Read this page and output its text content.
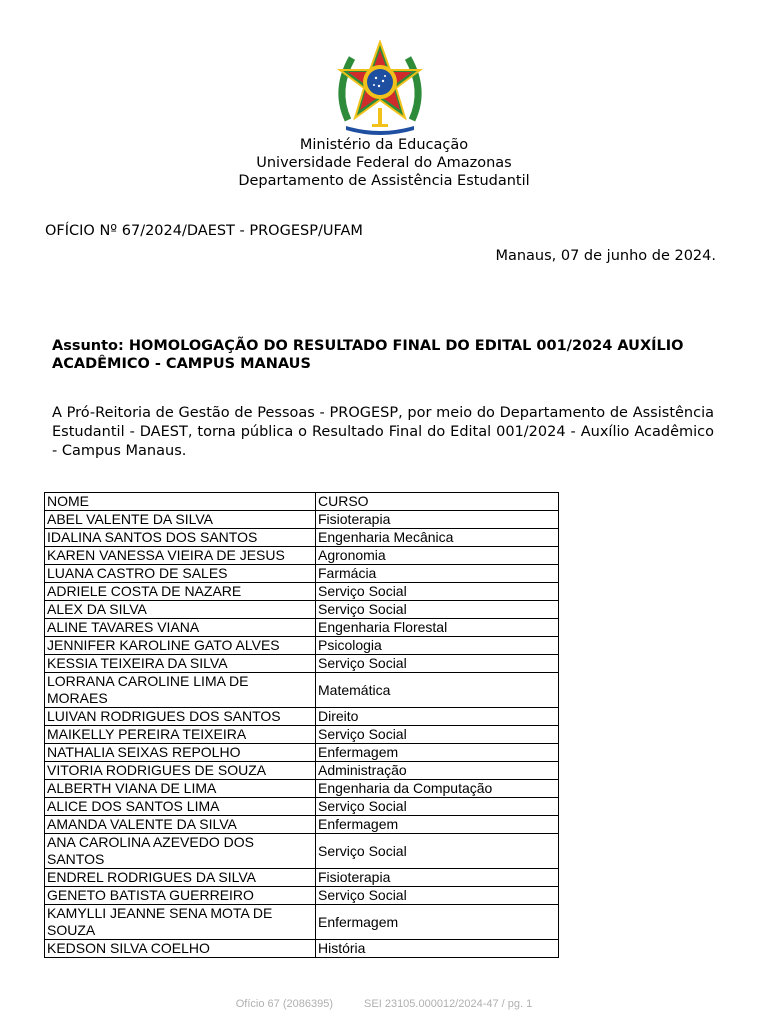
Ministério da Educação
Universidade Federal do Amazonas
Departamento de Assistência Estudantil
OFÍCIO Nº 67/2024/DAEST - PROGESP/UFAM
Manaus, 07 de junho de 2024.
Assunto: HOMOLOGAÇÃO DO RESULTADO FINAL DO EDITAL 001/2024 AUXÍLIO ACADÊMICO - CAMPUS MANAUS
A Pró-Reitoria de Gestão de Pessoas - PROGESP, por meio do Departamento de Assistência Estudantil - DAEST, torna pública o Resultado Final do Edital 001/2024 - Auxílio Acadêmico - Campus Manaus.
NOME	CURSO
ABEL VALENTE DA SILVA	Fisioterapia
IDALINA SANTOS DOS SANTOS	Engenharia Mecânica
KAREN VANESSA VIEIRA DE JESUS	Agronomia
LUANA CASTRO DE SALES	Farmácia
ADRIELE COSTA DE NAZARE	Serviço Social
ALEX DA SILVA	Serviço Social
ALINE TAVARES VIANA	Engenharia Florestal
JENNIFER KAROLINE GATO ALVES	Psicologia
KESSIA TEIXEIRA DA SILVA	Serviço Social
LORRANA CAROLINE LIMA DE MORAES	Matemática
LUIVAN RODRIGUES DOS SANTOS	Direito
MAIKELLY PEREIRA TEIXEIRA	Serviço Social
NATHALIA SEIXAS REPOLHO	Enfermagem
VITORIA RODRIGUES DE SOUZA	Administração
ALBERTH VIANA DE LIMA	Engenharia da Computação
ALICE DOS SANTOS LIMA	Serviço Social
AMANDA VALENTE DA SILVA	Enfermagem
ANA CAROLINA AZEVEDO DOS SANTOS	Serviço Social
ENDREL RODRIGUES DA SILVA	Fisioterapia
GENETO BATISTA GUERREIRO	Serviço Social
KAMYLLI JEANNE SENA MOTA DE SOUZA	Enfermagem
KEDSON SILVA COELHO	História
Ofício 67 (2086395)	SEI 23105.000012/2024-47 / pg. 1
